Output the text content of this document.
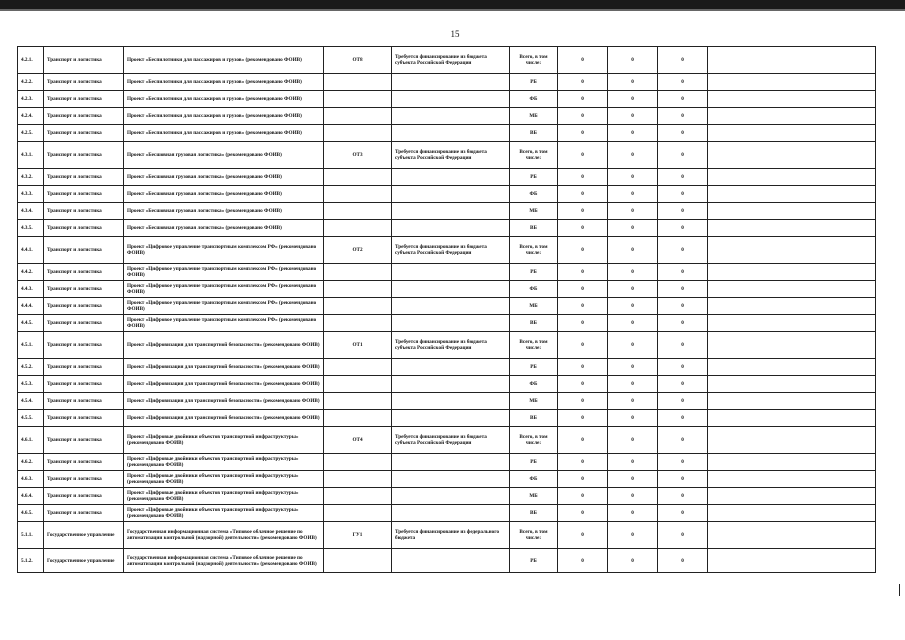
15
4.2.1.	Транспорт и логистика	Проект «Беспилотники для пассажиров и грузов» (рекомендовано ФОИВ)	ОТ8	Требуется финансирование из бюджета субъекта Российской Федерации	Всего, в том числе:	0	0	0	
4.2.2.	Транспорт и логистика	Проект «Беспилотники для пассажиров и грузов» (рекомендовано ФОИВ)			РБ	0	0	0	
4.2.3.	Транспорт и логистика	Проект «Беспилотники для пассажиров и грузов» (рекомендовано ФОИВ)			ФБ	0	0	0	
4.2.4.	Транспорт и логистика	Проект «Беспилотники для пассажиров и грузов» (рекомендовано ФОИВ)			МБ	0	0	0	
4.2.5.	Транспорт и логистика	Проект «Беспилотники для пассажиров и грузов» (рекомендовано ФОИВ)			ВБ	0	0	0	
4.3.1.	Транспорт и логистика	Проект «Бесшовная грузовая логистика» (рекомендовано ФОИВ)	ОТ3	Требуется финансирование из бюджета субъекта Российской Федерации	Всего, в том числе:	0	0	0	
4.3.2.	Транспорт и логистика	Проект «Бесшовная грузовая логистика» (рекомендовано ФОИВ)			РБ	0	0	0	
4.3.3.	Транспорт и логистика	Проект «Бесшовная грузовая логистика» (рекомендовано ФОИВ)			ФБ	0	0	0	
4.3.4.	Транспорт и логистика	Проект «Бесшовная грузовая логистика» (рекомендовано ФОИВ)			МБ	0	0	0	
4.3.5.	Транспорт и логистика	Проект «Бесшовная грузовая логистика» (рекомендовано ФОИВ)			ВБ	0	0	0	
4.4.1.	Транспорт и логистика	Проект «Цифровое управление транспортным комплексом РФ» (рекомендовано ФОИВ)	ОТ2	Требуется финансирование из бюджета субъекта Российской Федерации	Всего, в том числе:	0	0	0	
4.4.2.	Транспорт и логистика	Проект «Цифровое управление транспортным комплексом РФ» (рекомендовано ФОИВ)			РБ	0	0	0	
4.4.3.	Транспорт и логистика	Проект «Цифровое управление транспортным комплексом РФ» (рекомендовано ФОИВ)			ФБ	0	0	0	
4.4.4.	Транспорт и логистика	Проект «Цифровое управление транспортным комплексом РФ» (рекомендовано ФОИВ)			МБ	0	0	0	
4.4.5.	Транспорт и логистика	Проект «Цифровое управление транспортным комплексом РФ» (рекомендовано ФОИВ)			ВБ	0	0	0	
4.5.1.	Транспорт и логистика	Проект «Цифровизация для транспортной безопасности» (рекомендовано ФОИВ)	ОТ1	Требуется финансирование из бюджета субъекта Российской Федерации	Всего, в том числе:	0	0	0	
4.5.2.	Транспорт и логистика	Проект «Цифровизация для транспортной безопасности» (рекомендовано ФОИВ)			РБ	0	0	0	
4.5.3.	Транспорт и логистика	Проект «Цифровизация для транспортной безопасности» (рекомендовано ФОИВ)			ФБ	0	0	0	
4.5.4.	Транспорт и логистика	Проект «Цифровизация для транспортной безопасности» (рекомендовано ФОИВ)			МБ	0	0	0	
4.5.5.	Транспорт и логистика	Проект «Цифровизация для транспортной безопасности» (рекомендовано ФОИВ)			ВБ	0	0	0	
4.6.1.	Транспорт и логистика	Проект «Цифровые двойники объектов транспортной инфраструктуры» (рекомендовано ФОИВ)	ОТ4	Требуется финансирование из бюджета субъекта Российской Федерации	Всего, в том числе:	0	0	0	
4.6.2.	Транспорт и логистика	Проект «Цифровые двойники объектов транспортной инфраструктуры» (рекомендовано ФОИВ)			РБ	0	0	0	
4.6.3.	Транспорт и логистика	Проект «Цифровые двойники объектов транспортной инфраструктуры» (рекомендовано ФОИВ)			ФБ	0	0	0	
4.6.4.	Транспорт и логистика	Проект «Цифровые двойники объектов транспортной инфраструктуры» (рекомендовано ФОИВ)			МБ	0	0	0	
4.6.5.	Транспорт и логистика	Проект «Цифровые двойники объектов транспортной инфраструктуры» (рекомендовано ФОИВ)			ВБ	0	0	0	
5.1.1.	Государственное управление	Государственная информационная система «Типовое облачное решение по автоматизации контрольной (надзорной) деятельности» (рекомендовано ФОИВ)	ГУ1	Требуется финансирование из федерального бюджета	Всего, в том числе:	0	0	0	
5.1.2.	Государственное управление	Государственная информационная система «Типовое облачное решение по автоматизации контрольной (надзорной) деятельности» (рекомендовано ФОИВ)			РБ	0	0	0	
